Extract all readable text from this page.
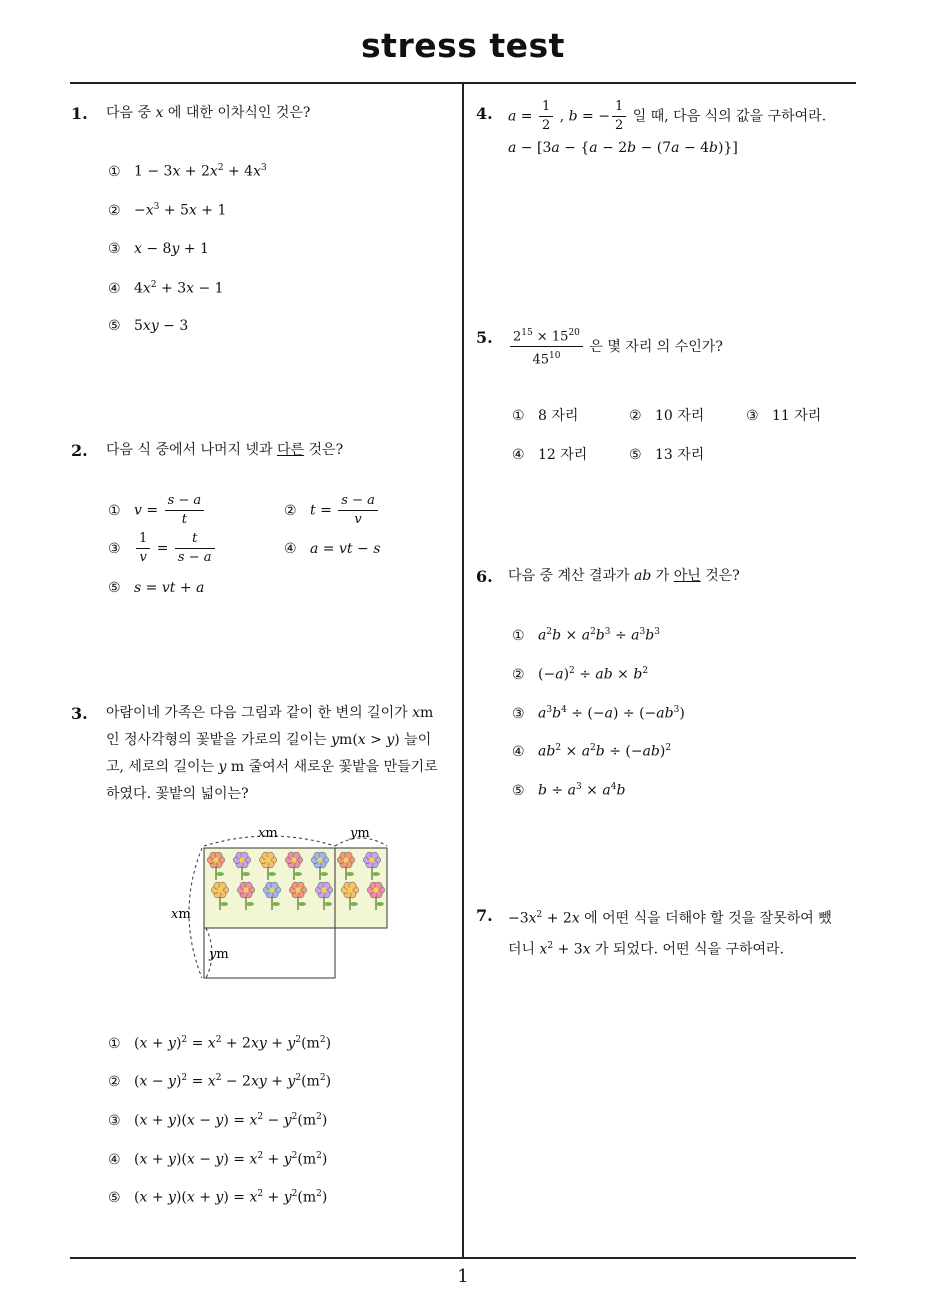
stress test
1
1. 다음 중 x 에 대한 이차식인 것은?
① $1 - 3x + 2x^2 + 4x^3$
② $-x^3 + 5x + 1$
③ x − 8y + 1
④ $4x^2 + 3x - 1$
⑤ 5xy − 3
2. 다음 식 중에서 나머지 넷과 다른 것은?
① $v = \frac{s - a}{t}$	② $t = \frac{s - a}{v}$
③ $\frac{1}{v} = \frac{t}{s - a}$	④ a = vt − s
⑤ s = vt + a
3. 아람이네 가족은 다음 그림과 같이 한 변의 길이가 xm
인 정사각형의 꽃밭을 가로의 길이는 ym(x > y) 늘이
고, 세로의 길이는 y m 줄여서 새로운 꽃밭을 만들기로
하였다. 꽃밭의 넓이는?
xm	ym
xm
ym
① $(x + y)^2 = x^2 + 2xy + y^2(m^2)$
② $(x - y)^2 = x^2 - 2xy + y^2(m^2)$
③ $(x + y)(x - y) = x^2 - y^2(m^2)$
④ $(x + y)(x - y) = x^2 + y^2(m^2)$
⑤ $(x + y)(x + y) = x^2 + y^2(m^2)$
4. $a = \frac{1}{2}$ , b = − $\frac{1}{2}$ 일 때, 다음 식의 값을 구하여라.
a − [3a − {a − 2b − (7a − 4b)}]
5. $\frac{2^{15} \times 15^{20}}{45^{10}}$ 은 몇 자리 의 수인가?
① 8 자리	② 10 자리	③ 11 자리
④ 12 자리	⑤ 13 자리
6. 다음 중 계산 결과가 ab 가 아닌 것은?
① $a^2b \times a^2b^3 \div a^3b^3$
② $(-a)^2$ ÷ ab × $b^2$
③ $a^3b^4 \div (-a) \div (-ab^3)$
④ $ab^2 \times a^2b \div (-ab)^2$
⑤ $b \div a^3 \times a^4b$
7. $-3x^2 + 2x$ 에 어떤 식을 더해야 할 것을 잘못하여 뺐
더니 $x^2 + 3x$ 가 되었다. 어떤 식을 구하여라.
